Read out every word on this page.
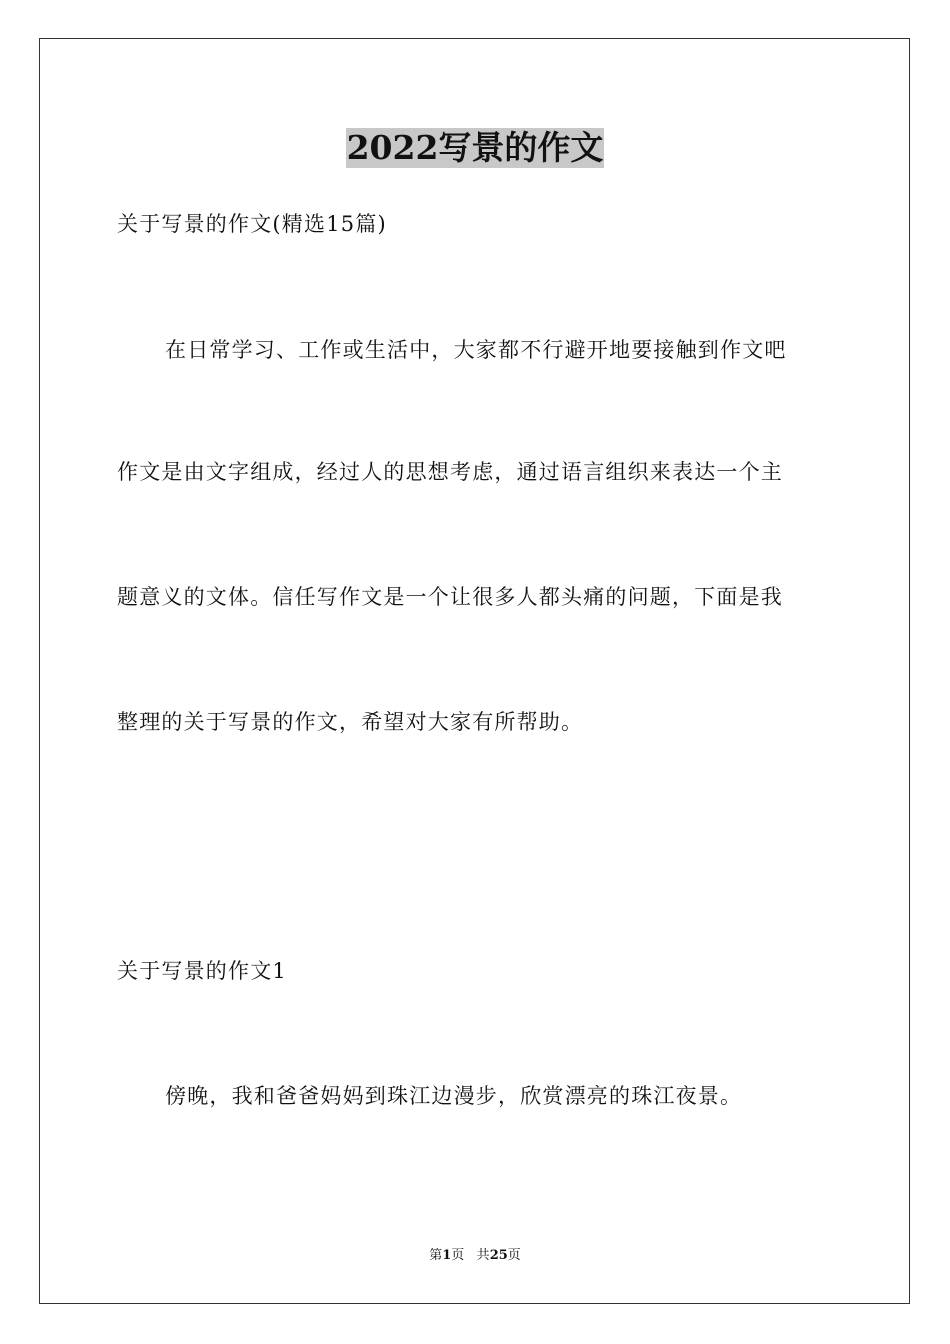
2022写景的作文
关于写景的作文(精选15篇)
在日常学习、工作或生活中，大家都不行避开地要接触到作文吧
作文是由文字组成，经过人的思想考虑，通过语言组织来表达一个主
题意义的文体。信任写作文是一个让很多人都头痛的问题，下面是我
整理的关于写景的作文，希望对大家有所帮助。
关于写景的作文1
傍晚，我和爸爸妈妈到珠江边漫步，欣赏漂亮的珠江夜景。
第1页 共25页
